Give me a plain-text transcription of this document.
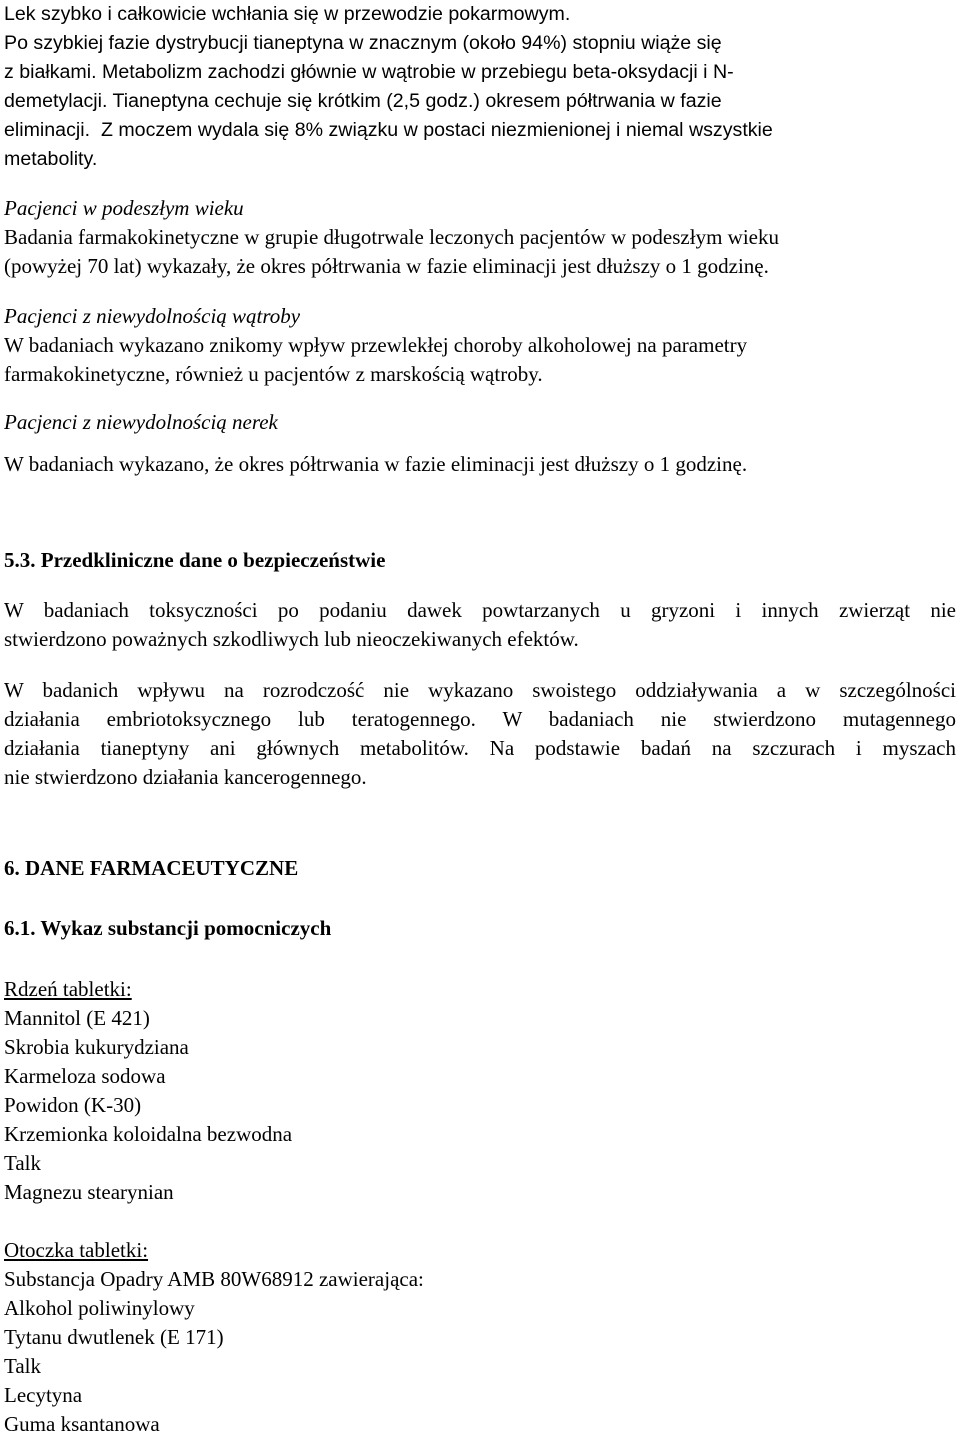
Lek szybko i całkowicie wchłania się w przewodzie pokarmowym.
Po szybkiej fazie dystrybucji tianeptyna w znacznym (około 94%) stopniu wiąże się
z białkami. Metabolizm zachodzi głównie w wątrobie w przebiegu beta-oksydacji i N-
demetylacji. Tianeptyna cechuje się krótkim (2,5 godz.) okresem półtrwania w fazie
eliminacji. Z moczem wydala się 8% związku w postaci niezmienionej i niemal wszystkie
metabolity.
Pacjenci w podeszłym wieku
Badania farmakokinetyczne w grupie długotrwale leczonych pacjentów w podeszłym wieku
(powyżej 70 lat) wykazały, że okres półtrwania w fazie eliminacji jest dłuższy o 1 godzinę.
Pacjenci z niewydolnością wątroby
W badaniach wykazano znikomy wpływ przewlekłej choroby alkoholowej na parametry
farmakokinetyczne, również u pacjentów z marskością wątroby.
Pacjenci z niewydolnością nerek
W badaniach wykazano, że okres półtrwania w fazie eliminacji jest dłuższy o 1 godzinę.
5.3. Przedkliniczne dane o bezpieczeństwie
W badaniach toksyczności po podaniu dawek powtarzanych u gryzoni i innych zwierząt nie
stwierdzono poważnych szkodliwych lub nieoczekiwanych efektów.
W badanich wpływu na rozrodczość nie wykazano swoistego oddziaływania a w szczególności
działania embriotoksycznego lub teratogennego. W badaniach nie stwierdzono mutagennego
działania tianeptyny ani głównych metabolitów. Na podstawie badań na szczurach i myszach
nie stwierdzono działania kancerogennego.
6. DANE FARMACEUTYCZNE
6.1. Wykaz substancji pomocniczych
Rdzeń tabletki:
Mannitol (E 421)
Skrobia kukurydziana
Karmeloza sodowa
Powidon (K-30)
Krzemionka koloidalna bezwodna
Talk
Magnezu stearynian
Otoczka tabletki:
Substancja Opadry AMB 80W68912 zawierająca:
Alkohol poliwinylowy
Tytanu dwutlenek (E 171)
Talk
Lecytyna
Guma ksantanowa
